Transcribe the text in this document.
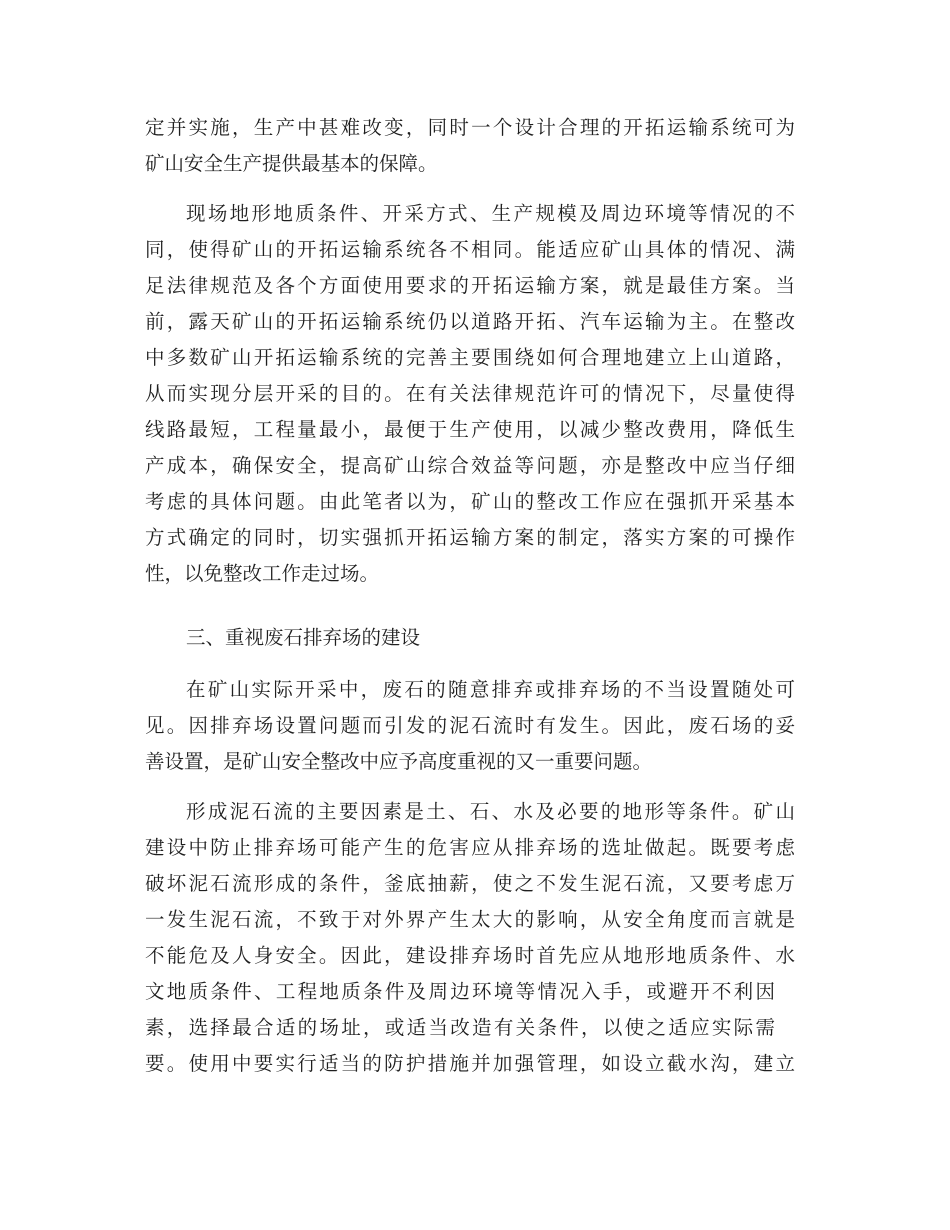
定并实施，生产中甚难改变，同时一个设计合理的开拓运输系统可为
矿山安全生产提供最基本的保障。
现场地形地质条件、开采方式、生产规模及周边环境等情况的不
同，使得矿山的开拓运输系统各不相同。能适应矿山具体的情况、满
足法律规范及各个方面使用要求的开拓运输方案，就是最佳方案。当
前，露天矿山的开拓运输系统仍以道路开拓、汽车运输为主。在整改
中多数矿山开拓运输系统的完善主要围绕如何合理地建立上山道路，
从而实现分层开采的目的。在有关法律规范许可的情况下，尽量使得
线路最短，工程量最小，最便于生产使用，以减少整改费用，降低生
产成本，确保安全，提高矿山综合效益等问题，亦是整改中应当仔细
考虑的具体问题。由此笔者以为，矿山的整改工作应在强抓开采基本
方式确定的同时，切实强抓开拓运输方案的制定，落实方案的可操作
性，以免整改工作走过场。
三、重视废石排弃场的建设
在矿山实际开采中，废石的随意排弃或排弃场的不当设置随处可
见。因排弃场设置问题而引发的泥石流时有发生。因此，废石场的妥
善设置，是矿山安全整改中应予高度重视的又一重要问题。
形成泥石流的主要因素是土、石、水及必要的地形等条件。矿山
建设中防止排弃场可能产生的危害应从排弃场的选址做起。既要考虑
破坏泥石流形成的条件，釜底抽薪，使之不发生泥石流，又要考虑万
一发生泥石流，不致于对外界产生太大的影响，从安全角度而言就是
不能危及人身安全。因此，建设排弃场时首先应从地形地质条件、水
文地质条件、工程地质条件及周边环境等情况入手，或避开不利因
素，选择最合适的场址，或适当改造有关条件，以使之适应实际需
要。使用中要实行适当的防护措施并加强管理，如设立截水沟，建立
